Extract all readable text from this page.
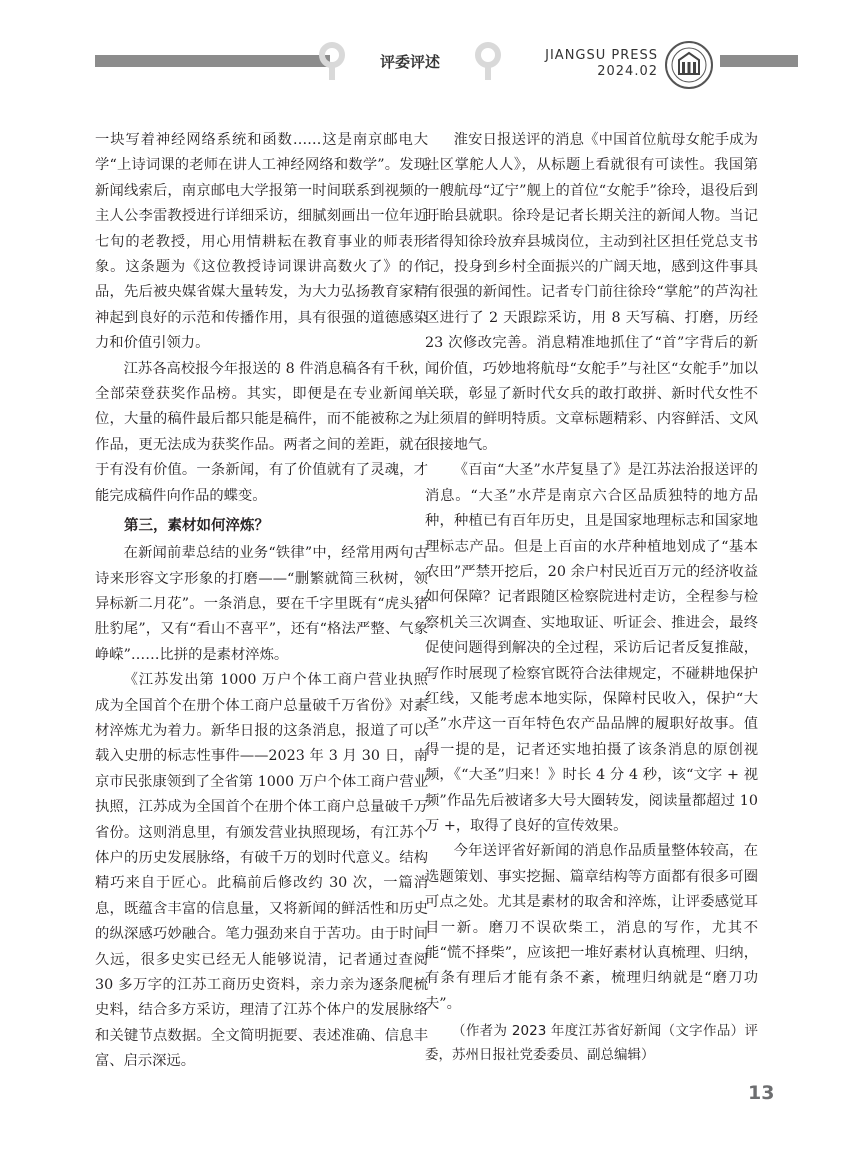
评委评述	JIANGSU PRESS
2024.02

一块写着神经网络系统和函数……这是南京邮电大学“上诗词课的老师在讲人工神经网络和数学”。发现新闻线索后，南京邮电大学报第一时间联系到视频的主人公李雷教授进行详细采访，细腻刻画出一位年近七旬的老教授，用心用情耕耘在教育事业的师表形象。这条题为《这位教授诗词课讲高数火了》的作品，先后被央媒省媒大量转发，为大力弘扬教育家精神起到良好的示范和传播作用，具有很强的道德感染力和价值引领力。

江苏各高校报今年报送的 8 件消息稿各有千秋，全部荣登获奖作品榜。其实，即便是在专业新闻单位，大量的稿件最后都只能是稿件，而不能被称之为作品，更无法成为获奖作品。两者之间的差距，就在于有没有价值。一条新闻，有了价值就有了灵魂，才能完成稿件向作品的蝶变。

第三，素材如何淬炼？

在新闻前辈总结的业务“铁律”中，经常用两句古诗来形容文字形象的打磨——“删繁就简三秋树，领异标新二月花”。一条消息，要在千字里既有“虎头猪肚豹尾”，又有“看山不喜平”，还有“格法严整、气象峥嵘”……比拼的是素材淬炼。

《江苏发出第 1000 万户个体工商户营业执照 成为全国首个在册个体工商户总量破千万省份》对素材淬炼尤为着力。新华日报的这条消息，报道了可以载入史册的标志性事件——2023 年 3 月 30 日，南京市民张康领到了全省第 1000 万户个体工商户营业执照，江苏成为全国首个在册个体工商户总量破千万省份。这则消息里，有颁发营业执照现场，有江苏个体户的历史发展脉络，有破千万的划时代意义。结构精巧来自于匠心。此稿前后修改约 30 次，一篇消息，既蕴含丰富的信息量，又将新闻的鲜活性和历史的纵深感巧妙融合。笔力强劲来自于苦功。由于时间久远，很多史实已经无人能够说清，记者通过查阅 30 多万字的江苏工商历史资料，亲力亲为逐条爬梳史料，结合多方采访，理清了江苏个体户的发展脉络和关键节点数据。全文简明扼要、表述准确、信息丰富、启示深远。

淮安日报送评的消息《中国首位航母女舵手成为社区掌舵人人》，从标题上看就很有可读性。我国第一艘航母“辽宁”舰上的首位“女舵手”徐玲，退役后到盱眙县就职。徐玲是记者长期关注的新闻人物。当记者得知徐玲放弃县城岗位，主动到社区担任党总支书记，投身到乡村全面振兴的广阔天地，感到这件事具有很强的新闻性。记者专门前往徐玲“掌舵”的芦沟社区进行了 2 天跟踪采访，用 8 天写稿、打磨，历经 23 次修改完善。消息精准地抓住了“首”字背后的新闻价值，巧妙地将航母“女舵手”与社区“女舵手”加以关联，彰显了新时代女兵的敢打敢拼、新时代女性不让须眉的鲜明特质。文章标题精彩、内容鲜活、文风很接地气。

《百亩“大圣”水芹复垦了》是江苏法治报送评的消息。“大圣”水芹是南京六合区品质独特的地方品种，种植已有百年历史，且是国家地理标志和国家地理标志产品。但是上百亩的水芹种植地划成了“基本农田”严禁开挖后，20 余户村民近百万元的经济收益如何保障？记者跟随区检察院进村走访，全程参与检察机关三次调查、实地取证、听证会、推进会，最终促使问题得到解决的全过程，采访后记者反复推敲，写作时展现了检察官既符合法律规定，不碰耕地保护红线，又能考虑本地实际，保障村民收入，保护“大圣”水芹这一百年特色农产品品牌的履职好故事。值得一提的是，记者还实地拍摄了该条消息的原创视频，《“大圣”归来！》时长 4 分 4 秒，该“文字 + 视频”作品先后被诸多大号大圈转发，阅读量都超过 10 万 +，取得了良好的宣传效果。

今年送评省好新闻的消息作品质量整体较高，在选题策划、事实挖掘、篇章结构等方面都有很多可圈可点之处。尤其是素材的取舍和淬炼，让评委感觉耳目一新。磨刀不误砍柴工，消息的写作，尤其不能“慌不择柴”，应该把一堆好素材认真梳理、归纳，有条有理后才能有条不紊，梳理归纳就是“磨刀功夫”。

（作者为 2023 年度江苏省好新闻（文字作品）评委，苏州日报社党委委员、副总编辑）

13
